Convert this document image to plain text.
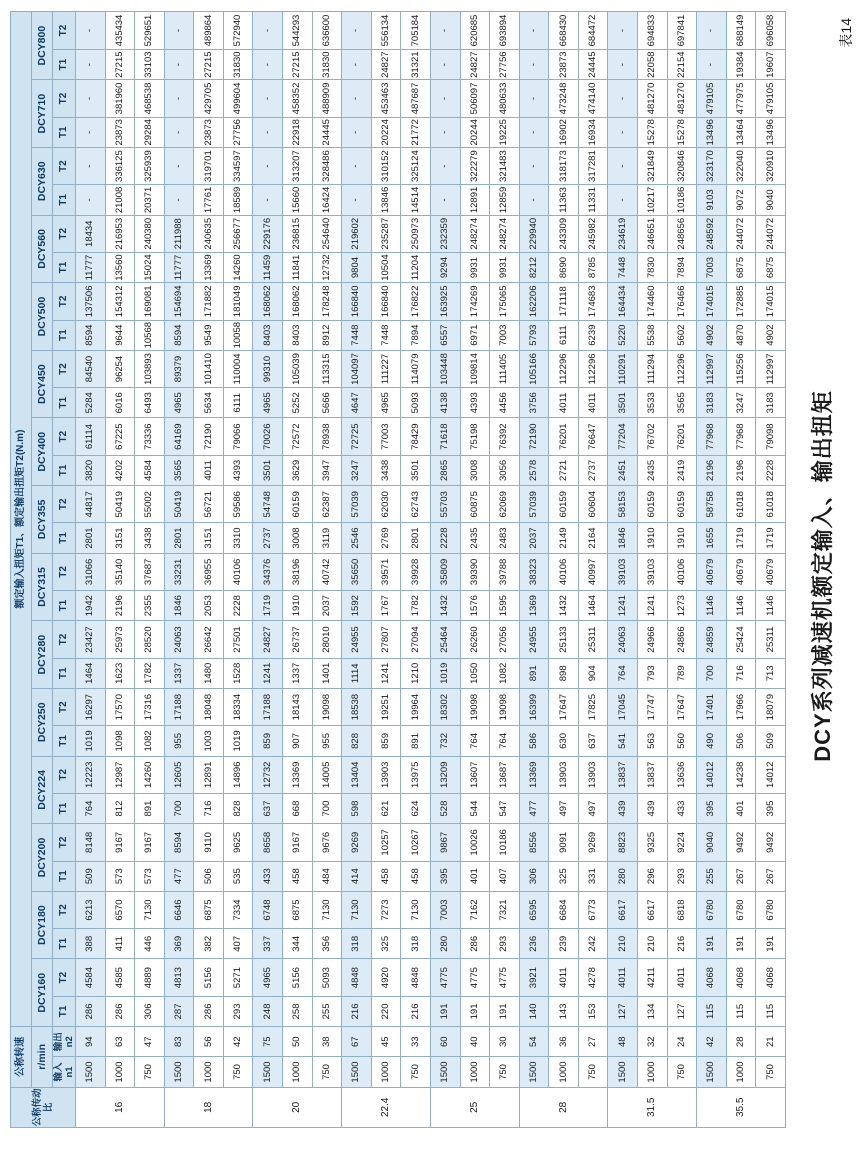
公称传动比	公称转速		额定输入扭矩T1、额定输出扭矩T2(N.m)																													
	r/min		DCY160		DCY180		DCY200		DCY224		DCY250		DCY280		DCY315		DCY355		DCY400		DCY450		DCY500		DCY560		DCY630		DCY710		DCY800	
	输入n1	输出n2	T1	T2	T1	T2	T1	T2	T1	T2	T1	T2	T1	T2	T1	T2	T1	T2	T1	T2	T1	T2	T1	T2	T1	T2	T1	T2	T1	T2	T1	T2
16	1500	94	286	4584	388	6213	509	8148	764	12223	1019	16297	1464	23427	1942	31066	2801	44817	3820	61114	5284	84540	8594	137506	11777	18434	-	-	-	-	-	-
	1000	63	286	4585	411	6570	573	9167	812	12987	1098	17570	1623	25973	2196	35140	3151	50419	4202	67225	6016	96254	9644	154312	13560	216953	21008	336125	23873	381960	27215	435434
	750	47	306	4889	446	7130	573	9167	891	14260	1082	17316	1782	28520	2355	37687	3438	55002	4584	73336	6493	103893	10568	169081	15024	240380	20371	325939	29284	468538	33103	529651
18	1500	83	287	4813	369	6646	477	8594	700	12605	955	17188	1337	24063	1846	33231	2801	50419	3565	64169	4965	89379	8594	154694	11777	211988	-	-	-	-	-	-
	1000	56	286	5156	382	6875	506	9110	716	12891	1003	18048	1480	26642	2053	36955	3151	56721	4011	72190	5634	101410	9549	171882	13369	240635	17761	319701	23873	429705	27215	489864
	750	42	293	5271	407	7334	535	9625	828	14896	1019	18334	1528	27501	2228	40106	3310	59586	4393	79066	6111	110004	10058	181049	14260	256677	18589	334597	27756	499604	31830	572940
20	1500	75	248	4965	337	6748	433	8658	637	12732	859	17188	1241	24827	1719	34376	2737	54748	3501	70026	4965	99310	8403	168062	11459	229176	-	-	-	-	-	-
	1000	50	258	5156	344	6875	458	9167	668	13369	907	18143	1337	26737	1910	38196	3008	60159	3629	72572	5252	105039	8403	168062	11841	236815	15660	313207	22918	458352	27215	544293
	750	38	255	5093	356	7130	484	9676	700	14005	955	19098	1401	28010	2037	40742	3119	62387	3947	78938	5666	113315	8912	178248	12732	254640	16424	328486	24445	488909	31830	636600
22.4	1500	67	216	4848	318	7130	414	9269	598	13404	828	18538	1114	24955	1592	35650	2546	57039	3247	72725	4647	104097	7448	166840	9804	219602	-	-	-	-	-	-
	1000	45	220	4920	325	7273	458	10257	621	13903	859	19251	1241	27807	1767	39571	2769	62030	3438	77003	4965	111227	7448	166840	10504	235287	13846	310152	20224	453463	24827	556134
	750	33	216	4848	318	7130	458	10267	624	13975	891	19964	1210	27094	1782	39928	2801	62743	3501	78429	5093	114079	7894	176822	11204	250973	14514	325124	21772	487687	31321	705184
25	1500	60	191	4775	280	7003	395	9867	528	13209	732	18302	1019	25464	1432	35809	2228	55703	2865	71618	4138	103448	6557	163925	9294	232359	-	-	-	-	-	-
	1000	40	191	4775	286	7162	401	10026	544	13607	764	19098	1050	26260	1576	39390	2435	60875	3008	75198	4393	109814	6971	174269	9931	248274	12891	322279	20244	506097	24827	620685
	750	30	191	4775	293	7321	407	10186	547	13687	764	19098	1082	27056	1595	39788	2483	62069	3056	76392	4456	111405	7003	175065	9931	248274	12859	321483	19225	480633	27756	693894
28	1500	54	140	3921	236	6595	306	8556	477	13369	586	16399	891	24955	1369	38323	2037	57039	2578	72190	3756	105166	5793	162206	8212	229940	-	-	-	-	-	-
	1000	36	143	4011	239	6684	325	9091	497	13903	630	17647	898	25133	1432	40106	2149	60159	2721	76201	4011	112296	6111	171118	8690	243309	11363	318173	16902	473248	23873	668430
	750	27	153	4278	242	6773	331	9269	497	13903	637	17825	904	25311	1464	40997	2164	60604	2737	76647	4011	112296	6239	174683	8785	245982	11331	317281	16934	474140	24445	684472
31.5	1500	48	127	4011	210	6617	280	8823	439	13837	541	17045	764	24063	1241	39103	1846	58153	2451	77204	3501	110291	5220	164434	7448	234619	-	-	-	-	-	-
	1000	32	134	4211	210	6617	296	9325	439	13837	563	17747	793	24966	1241	39103	1910	60159	2435	76702	3533	111294	5538	174460	7830	246651	10217	321849	15278	481270	22058	694833
	750	24	127	4011	216	6818	293	9224	433	13636	560	17647	789	24866	1273	40106	1910	60159	2419	76201	3565	112296	5602	176466	7894	248656	10186	320846	15278	481270	22154	697841
35.5	1500	42	115	4068	191	6780	255	9040	395	14012	490	17401	700	24859	1146	40679	1655	58758	2196	77968	3183	112997	4902	174015	7003	248592	9103	323170	13496	479105	-	-
	1000	28	115	4068	191	6780	267	9492	401	14238	506	17966	716	25424	1146	40679	1719	61018	2196	77968	3247	115256	4870	172885	6875	244072	9072	322040	13464	477975	19384	688149
	750	21	115	4068	191	6780	267	9492	395	14012	509	18079	713	25311	1146	40679	1719	61018	2228	79098	3183	112997	4902	174015	6875	244072	9040	320910	13496	479105	19607	696058
DCY系列减速机额定输入、输出扭矩
表14
